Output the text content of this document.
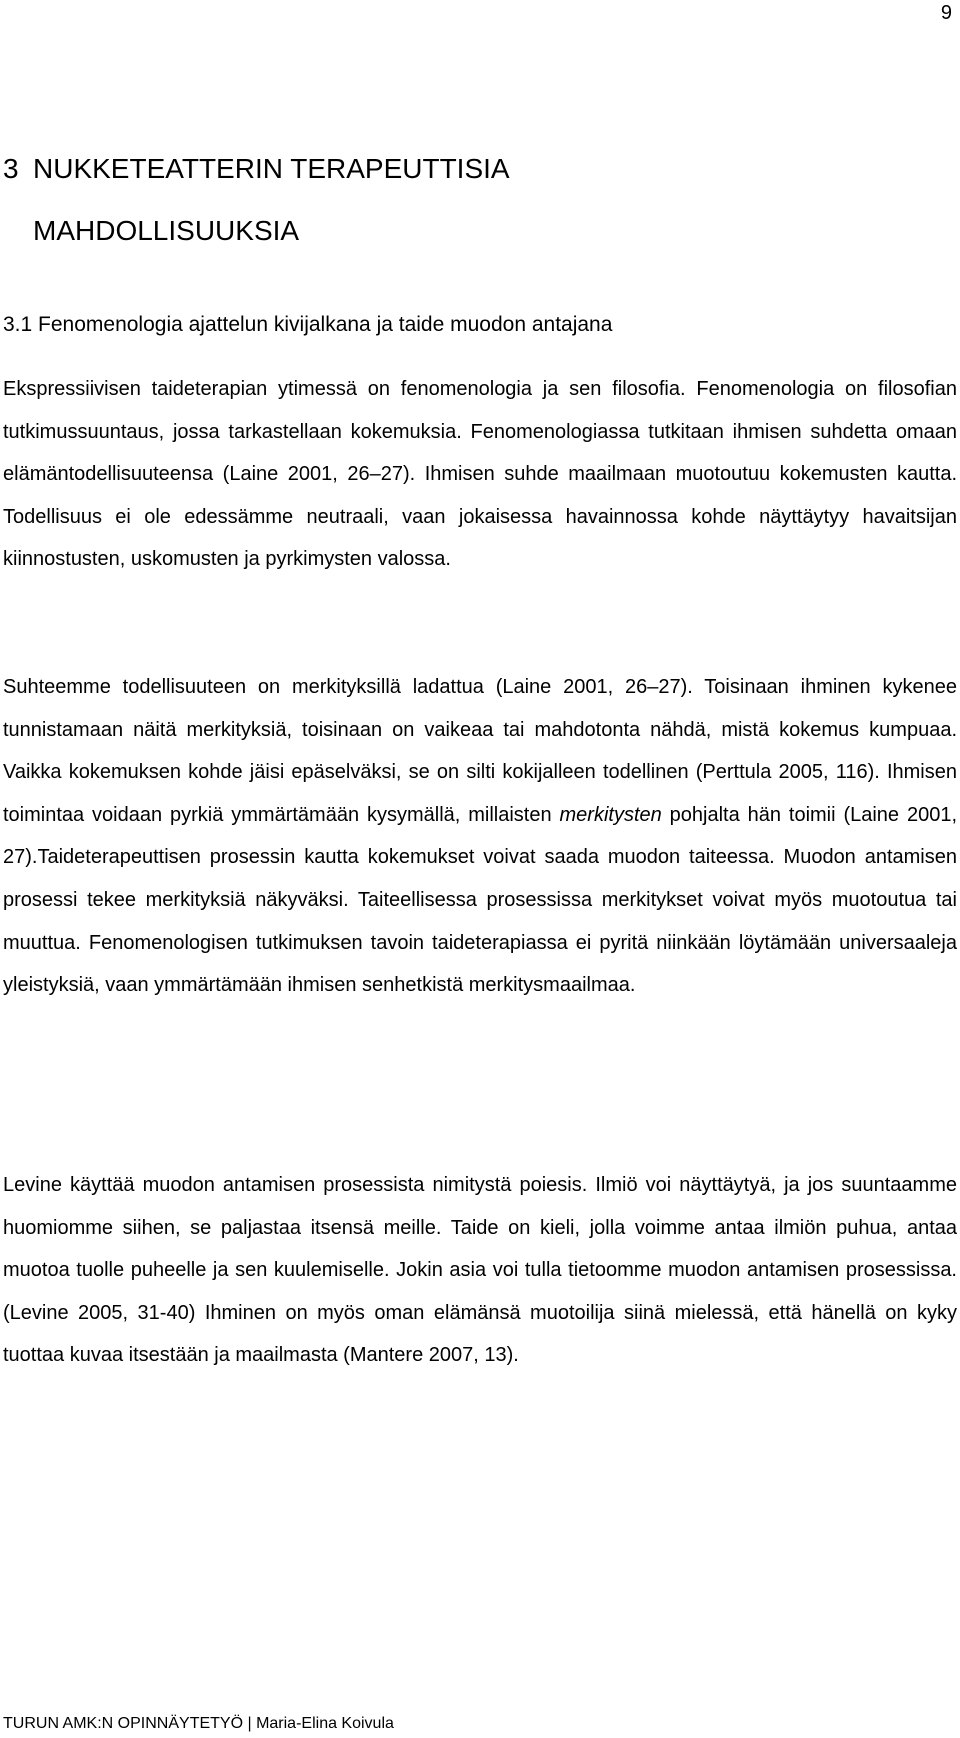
9
3 NUKKETEATTERIN TERAPEUTTISIA
MAHDOLLISUUKSIA
3.1 Fenomenologia ajattelun kivijalkana ja taide muodon antajana

Ekspressiivisen taideterapian ytimessä on fenomenologia ja sen filosofia. Fenomenologia on filosofian tutkimussuuntaus, jossa tarkastellaan kokemuksia. Fenomenologiassa tutkitaan ihmisen suhdetta omaan elämäntodellisuuteensa (Laine 2001, 26–27). Ihmisen suhde maailmaan muotoutuu kokemusten kautta. Todellisuus ei ole edessämme neutraali, vaan jokaisessa havainnossa kohde näyttäytyy havaitsijan kiinnostusten, uskomusten ja pyrkimysten valossa.

Suhteemme todellisuuteen on merkityksillä ladattua (Laine 2001, 26–27). Toisinaan ihminen kykenee tunnistamaan näitä merkityksiä, toisinaan on vaikeaa tai mahdotonta nähdä, mistä kokemus kumpuaa. Vaikka kokemuksen kohde jäisi epäselväksi, se on silti kokijalleen todellinen (Perttula 2005, 116). Ihmisen toimintaa voidaan pyrkiä ymmärtämään kysymällä, millaisten merkitysten pohjalta hän toimii (Laine 2001, 27).Taideterapeuttisen prosessin kautta kokemukset voivat saada muodon taiteessa. Muodon antamisen prosessi tekee merkityksiä näkyväksi. Taiteellisessa prosessissa merkitykset voivat myös muotoutua tai muuttua. Fenomenologisen tutkimuksen tavoin taideterapiassa ei pyritä niinkään löytämään universaaleja yleistyksiä, vaan ymmärtämään ihmisen senhetkistä merkitysmaailmaa.

Levine käyttää muodon antamisen prosessista nimitystä poiesis. Ilmiö voi näyttäytyä, ja jos suuntaamme huomiomme siihen, se paljastaa itsensä meille. Taide on kieli, jolla voimme antaa ilmiön puhua, antaa muotoa tuolle puheelle ja sen kuulemiselle. Jokin asia voi tulla tietoomme muodon antamisen prosessissa. (Levine 2005, 31-40) Ihminen on myös oman elämänsä muotoilija siinä mielessä, että hänellä on kyky tuottaa kuvaa itsestään ja maailmasta (Mantere 2007, 13).

TURUN AMK:N OPINNÄYTETYÖ | Maria-Elina Koivula
